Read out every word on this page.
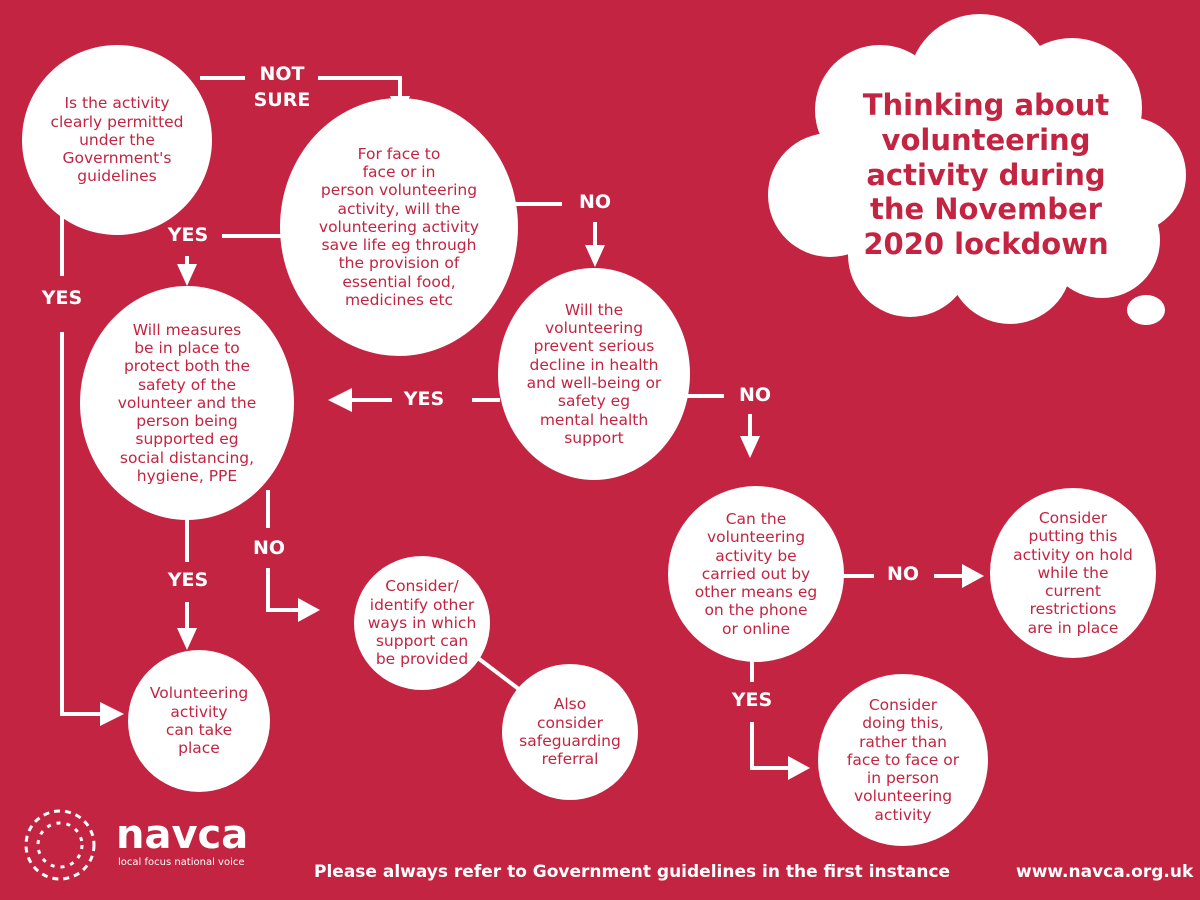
Thinking about
volunteering
activity during
the November
2020 lockdown
Is the activity
clearly permitted
under the
Government's
guidelines
For face to
face or in
person volunteering
activity, will the
volunteering activity
save life eg through
the provision of
essential food,
medicines etc
Will measures
be in place to
protect both the
safety of the
volunteer and the
person being
supported eg
social distancing,
hygiene, PPE
Will the
volunteering
prevent serious
decline in health
and well-being or
safety eg
mental health
support
Can the
volunteering
activity be
carried out by
other means eg
on the phone
or online
Consider
putting this
activity on hold
while the
current
restrictions
are in place
Consider/
identify other
ways in which
support can
be provided
Also
consider
safeguarding
referral
Volunteering
activity
can take
place
Consider
doing this,
rather than
face to face or
in person
volunteering
activity
NOT
SURE
YES
YES
NO
YES	NO
YES
NO
NO
YES
navca
local focus national voice	Please always refer to Government guidelines in the first instance	www.navca.org.uk
